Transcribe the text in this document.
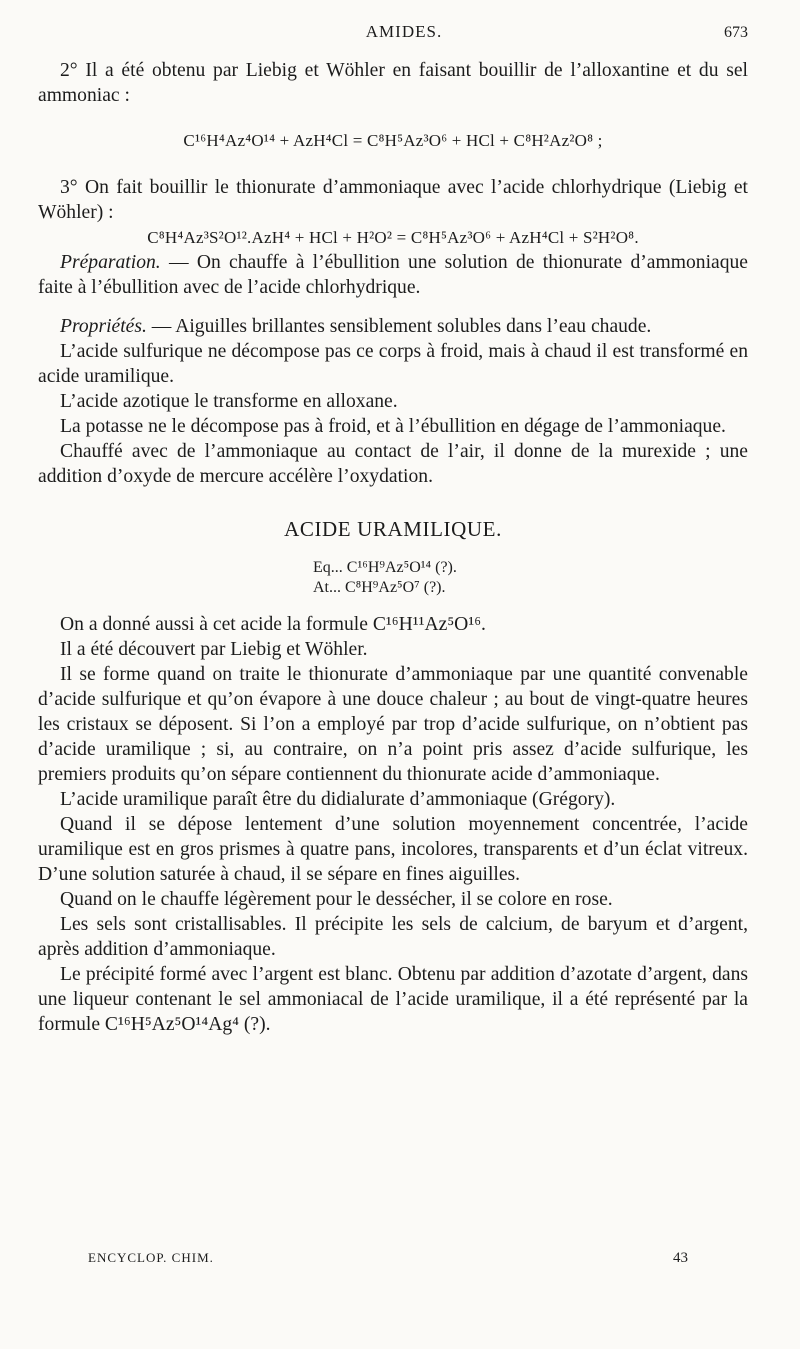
AMIDES.	673

2° Il a été obtenu par Liebig et Wöhler en faisant bouillir de l’alloxantine et du sel ammoniac :

C¹⁶H⁴Az⁴O¹⁴ + AzH⁴Cl = C⁸H⁵Az³O⁶ + HCl + C⁸H²Az²O⁸ ;

3° On fait bouillir le thionurate d’ammoniaque avec l’acide chlorhydrique (Liebig et Wöhler) :

C⁸H⁴Az³S²O¹².AzH⁴ + HCl + H²O² = C⁸H⁵Az³O⁶ + AzH⁴Cl + S²H²O⁸.

Préparation. — On chauffe à l’ébullition une solution de thionurate d’ammoniaque faite à l’ébullition avec de l’acide chlorhydrique.

Propriétés. — Aiguilles brillantes sensiblement solubles dans l’eau chaude.

L’acide sulfurique ne décompose pas ce corps à froid, mais à chaud il est transformé en acide uramilique.

L’acide azotique le transforme en alloxane.

La potasse ne le décompose pas à froid, et à l’ébullition en dégage de l’ammoniaque.

Chauffé avec de l’ammoniaque au contact de l’air, il donne de la murexide ; une addition d’oxyde de mercure accélère l’oxydation.

ACIDE URAMILIQUE.
Eq... C¹⁶H⁹Az⁵O¹⁴ (?).
At... C⁸H⁹Az⁵O⁷ (?).

On a donné aussi à cet acide la formule C¹⁶H¹¹Az⁵O¹⁶.

Il a été découvert par Liebig et Wöhler.

Il se forme quand on traite le thionurate d’ammoniaque par une quantité convenable d’acide sulfurique et qu’on évapore à une douce chaleur ; au bout de vingt-quatre heures les cristaux se déposent. Si l’on a employé par trop d’acide sulfurique, on n’obtient pas d’acide uramilique ; si, au contraire, on n’a point pris assez d’acide sulfurique, les premiers produits qu’on sépare contiennent du thionurate acide d’ammoniaque.

L’acide uramilique paraît être du didialurate d’ammoniaque (Grégory).

Quand il se dépose lentement d’une solution moyennement concentrée, l’acide uramilique est en gros prismes à quatre pans, incolores, transparents et d’un éclat vitreux. D’une solution saturée à chaud, il se sépare en fines aiguilles.

Quand on le chauffe légèrement pour le dessécher, il se colore en rose.

Les sels sont cristallisables. Il précipite les sels de calcium, de baryum et d’argent, après addition d’ammoniaque.

Le précipité formé avec l’argent est blanc. Obtenu par addition d’azotate d’argent, dans une liqueur contenant le sel ammoniacal de l’acide uramilique, il a été représenté par la formule C¹⁶H⁵Az⁵O¹⁴Ag⁴ (?).

ENCYCLOP. CHIM.	43
